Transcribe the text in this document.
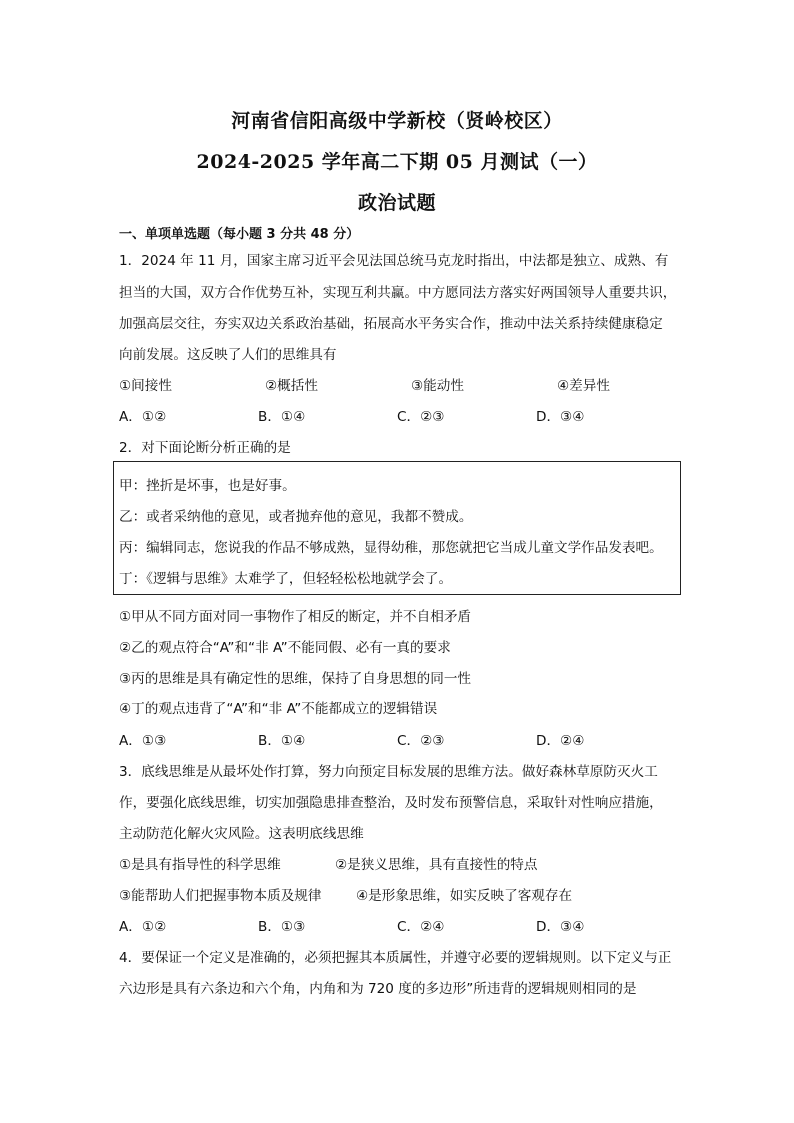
河南省信阳高级中学新校（贤岭校区）
2024-2025 学年高二下期 05 月测试（一）
政治试题
一、单项单选题（每小题 3 分共 48 分）
1．2024 年 11 月，国家主席习近平会见法国总统马克龙时指出，中法都是独立、成熟、有
担当的大国，双方合作优势互补，实现互利共赢。中方愿同法方落实好两国领导人重要共识，
加强高层交往，夯实双边关系政治基础，拓展高水平务实合作，推动中法关系持续健康稳定
向前发展。这反映了人们的思维具有
①间接性	②概括性	③能动性	④差异性
A．①②	B．①④	C．②③	D．③④
2．对下面论断分析正确的是
甲：挫折是坏事，也是好事。
乙：或者采纳他的意见，或者抛弃他的意见，我都不赞成。
丙：编辑同志，您说我的作品不够成熟，显得幼稚，那您就把它当成儿童文学作品发表吧。
丁：《逻辑与思维》太难学了，但轻轻松松地就学会了。
①甲从不同方面对同一事物作了相反的断定，并不自相矛盾
②乙的观点符合“A”和“非 A”不能同假、必有一真的要求
③丙的思维是具有确定性的思维，保持了自身思想的同一性
④丁的观点违背了“A”和“非 A”不能都成立的逻辑错误
A．①③	B．①④	C．②③	D．②④
3．底线思维是从最坏处作打算，努力向预定目标发展的思维方法。做好森林草原防灭火工
作，要强化底线思维，切实加强隐患排查整治，及时发布预警信息，采取针对性响应措施，
主动防范化解火灾风险。这表明底线思维
①是具有指导性的科学思维	②是狭义思维，具有直接性的特点
③能帮助人们把握事物本质及规律	④是形象思维，如实反映了客观存在
A．①②	B．①③	C．②④	D．③④
4．要保证一个定义是准确的，必须把握其本质属性，并遵守必要的逻辑规则。以下定义与正
六边形是具有六条边和六个角，内角和为 720 度的多边形”所违背的逻辑规则相同的是
